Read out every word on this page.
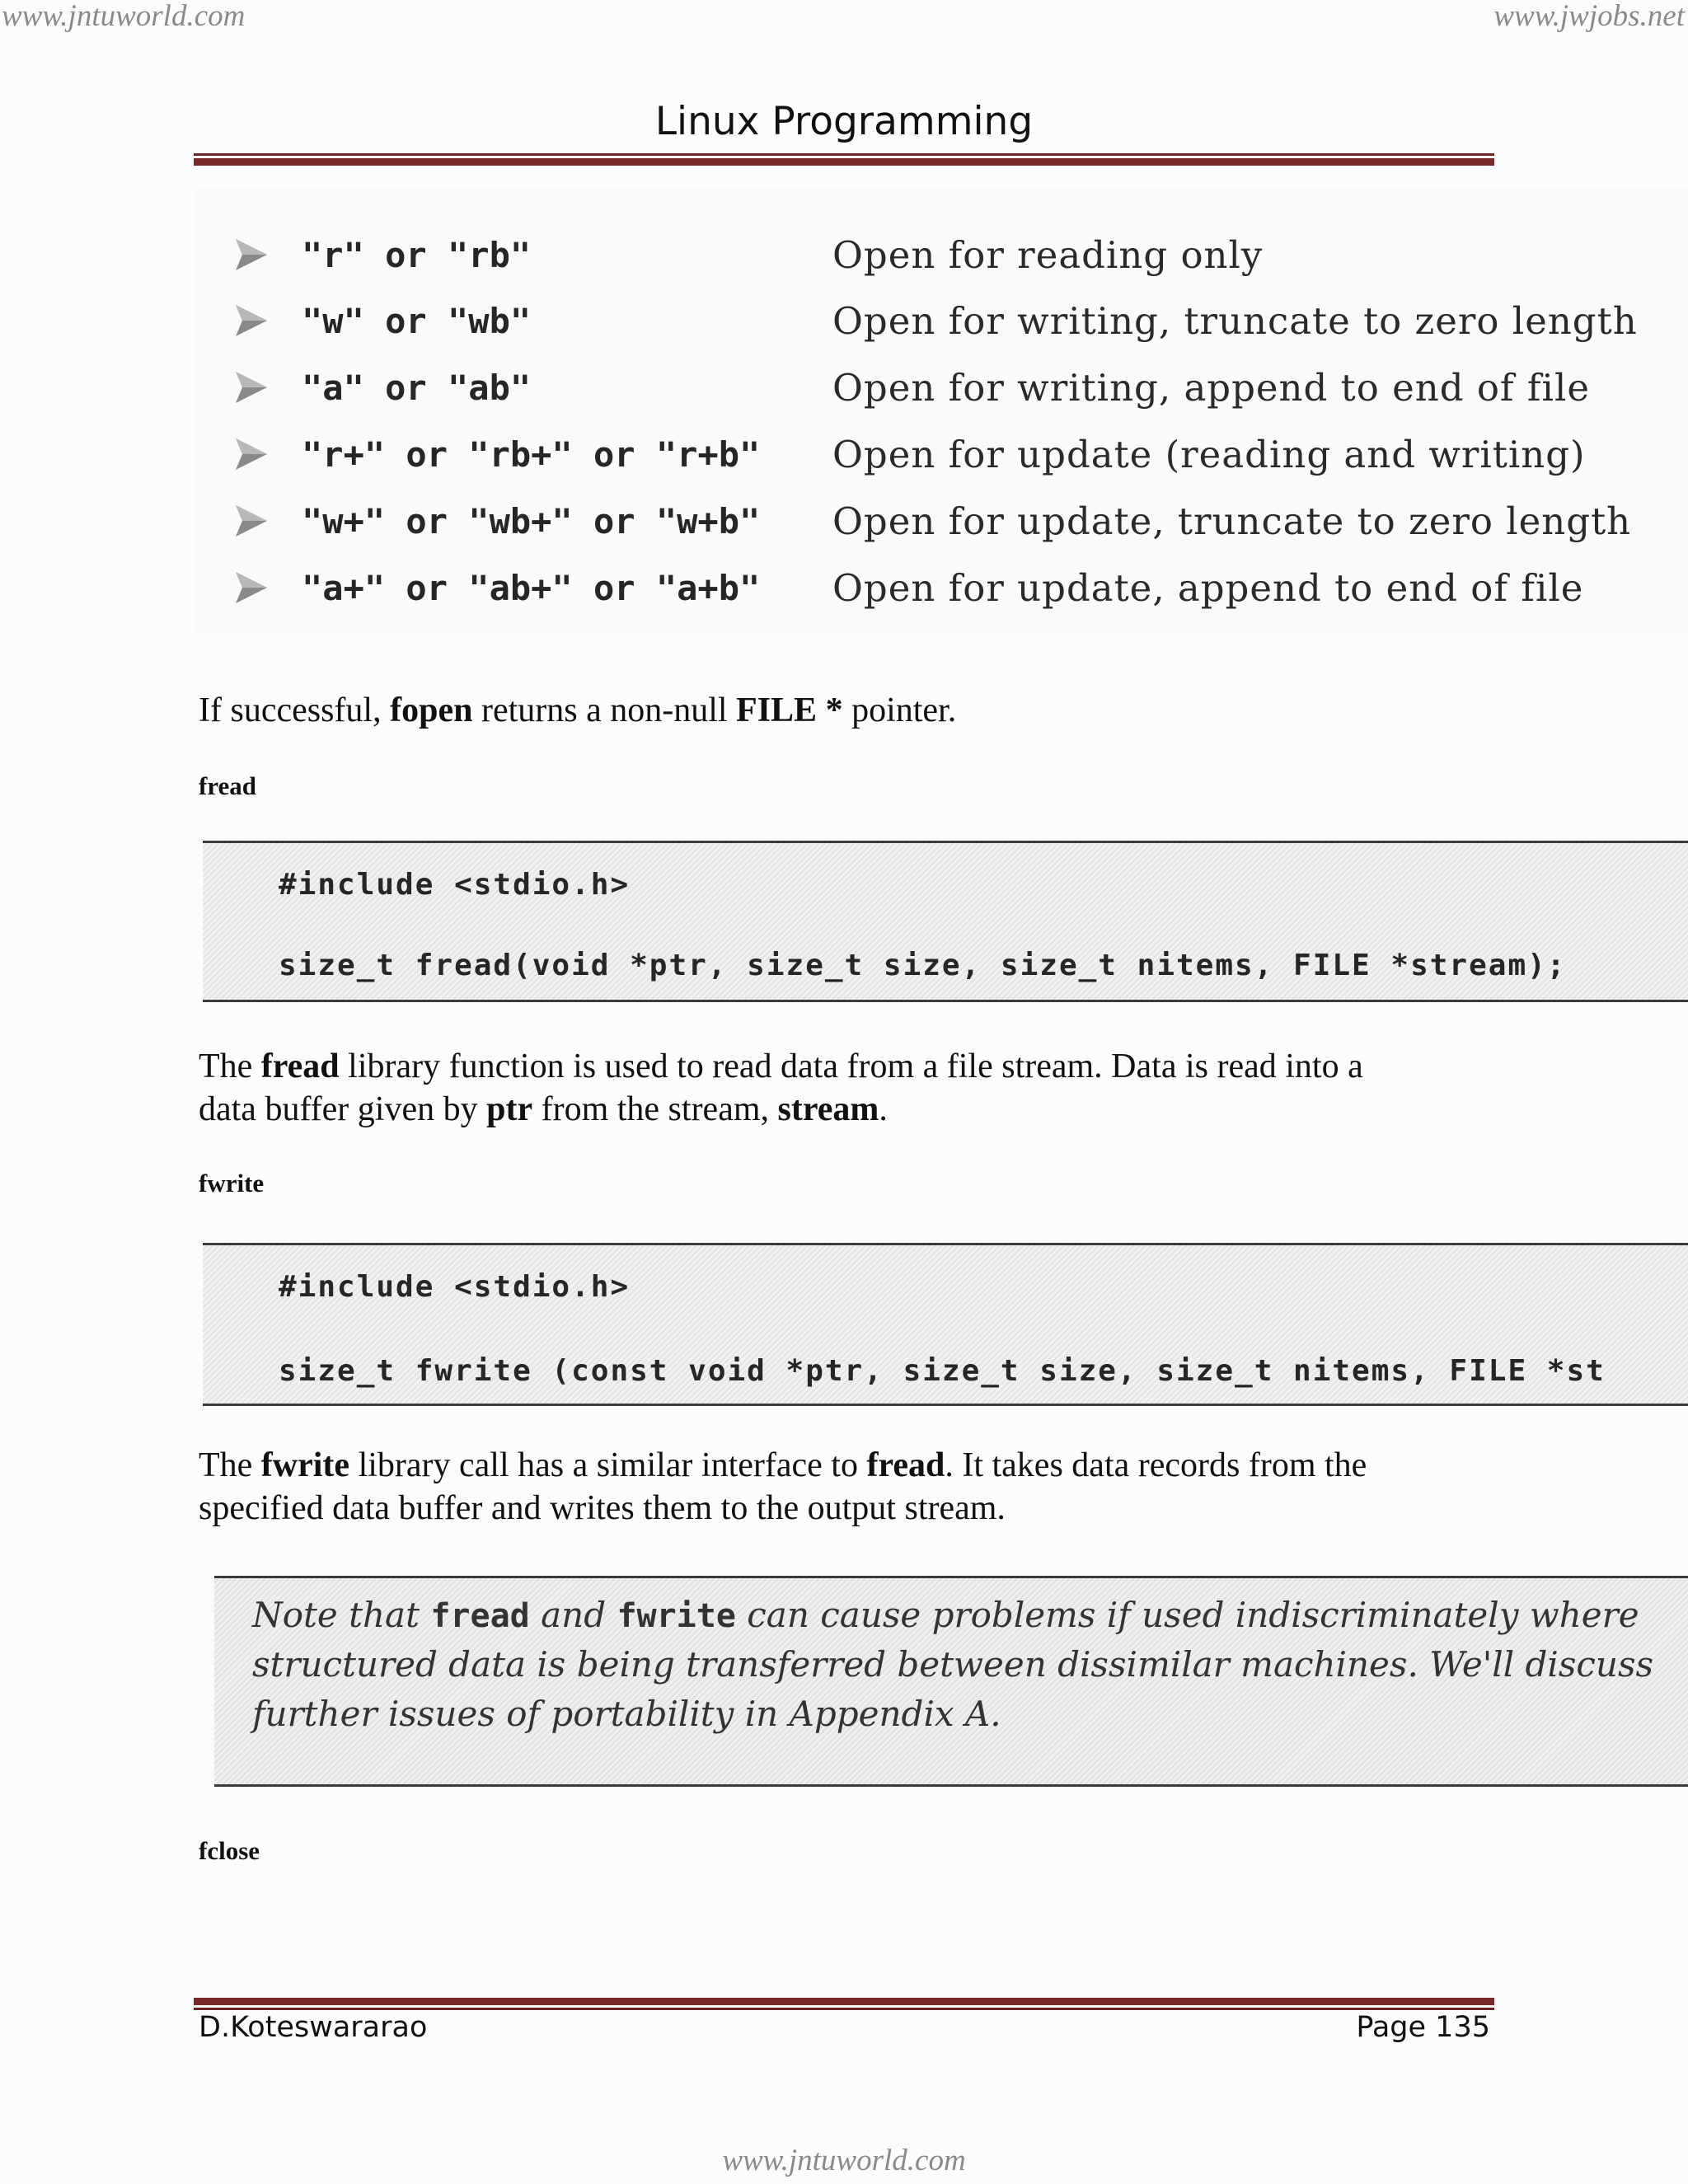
www.jntuworld.com	www.jwjobs.net
Linux Programming
"r" or "rb"	Open for reading only
"w" or "wb"	Open for writing, truncate to zero length
"a" or "ab"	Open for writing, append to end of file
"r+" or "rb+" or "r+b" Open for update (reading and writing)
"w+" or "wb+" or "w+b" Open for update, truncate to zero length
"a+" or "ab+" or "a+b" Open for update, append to end of file
If successful, fopen returns a non-null FILE * pointer.
fread
#include <stdio.h>
size_t fread(void *ptr, size_t size, size_t nitems, FILE *stream);
The fread library function is used to read data from a file stream. Data is read into a
data buffer given by ptr from the stream, stream.
fwrite
#include <stdio.h>
size_t fwrite (const void *ptr, size_t size, size_t nitems, FILE *st
The fwrite library call has a similar interface to fread. It takes data records from the
specified data buffer and writes them to the output stream.
Note that fread and fwrite can cause problems if used indiscriminately where
structured data is being transferred between dissimilar machines. We'll discuss
further issues of portability in Appendix A.
fclose
D.Koteswararao	Page 135
www.jntuworld.com
